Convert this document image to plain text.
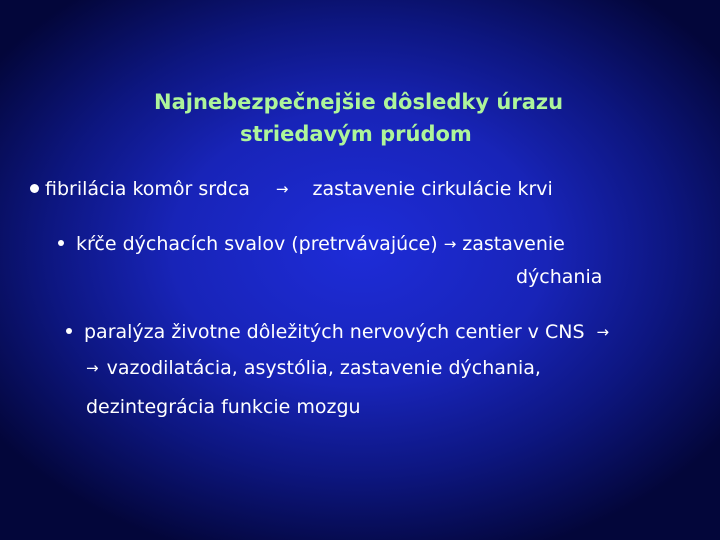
Najnebezpečnejšie dôsledky úrazu
striedavým prúdom
fibrilácia komôr srdca → zastavenie cirkulácie krvi
kŕče dýchacích svalov (pretrvávajúce) → zastavenie
dýchania
paralýza životne dôležitých nervových centier v CNS →
→ vazodilatácia, asystólia, zastavenie dýchania,
dezintegrácia funkcie mozgu
